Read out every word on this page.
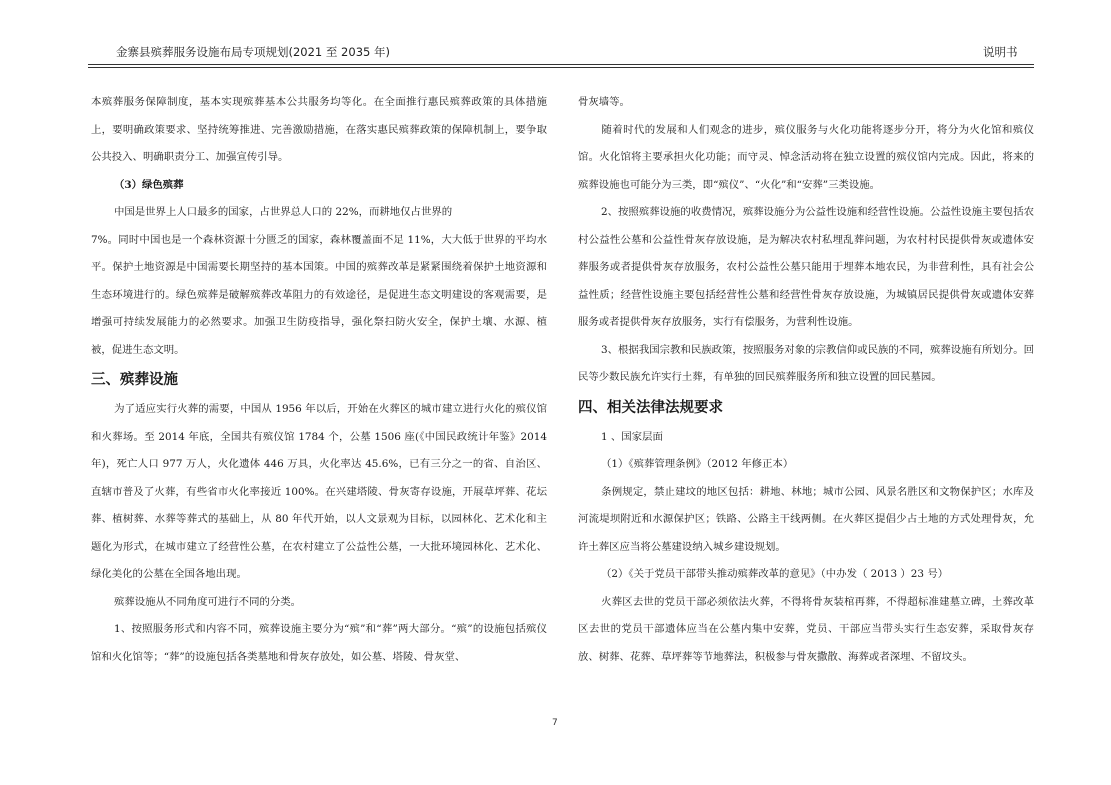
金寨县殡葬服务设施布局专项规划(2021 至 2035 年)	说明书

本殡葬服务保障制度，基本实现殡葬基本公共服务均等化。在全面推行惠民殡葬政策的具体措施上，要明确政策要求、坚持统筹推进、完善激励措施，在落实惠民殡葬政策的保障机制上，要争取公共投入、明确职责分工、加强宣传引导。

（3）绿色殡葬

中国是世界上人口最多的国家，占世界总人口的 22%，而耕地仅占世界的

7%。同时中国也是一个森林资源十分匮乏的国家，森林覆盖面不足 11%，大大低于世界的平均水平。保护土地资源是中国需要长期坚持的基本国策。中国的殡葬改革是紧紧围绕着保护土地资源和生态环境进行的。绿色殡葬是破解殡葬改革阻力的有效途径，是促进生态文明建设的客观需要，是增强可持续发展能力的必然要求。加强卫生防疫指导，强化祭扫防火安全，保护土壤、水源、植被，促进生态文明。

三、殡葬设施

为了适应实行火葬的需要，中国从 1956 年以后，开始在火葬区的城市建立进行火化的殡仪馆和火葬场。至 2014 年底，全国共有殡仪馆 1784 个，公墓 1506 座(《中国民政统计年鉴》2014 年)，死亡人口 977 万人，火化遗体 446 万具，火化率达 45.6%，已有三分之一的省、自治区、直辖市普及了火葬，有些省市火化率接近 100%。在兴建塔陵、骨灰寄存设施，开展草坪葬、花坛葬、植树葬、水葬等葬式的基础上，从 80 年代开始，以人文景观为目标，以园林化、艺术化和主题化为形式，在城市建立了经营性公墓，在农村建立了公益性公墓，一大批环境园林化、艺术化、绿化美化的公墓在全国各地出现。

殡葬设施从不同角度可进行不同的分类。

1、按照服务形式和内容不同，殡葬设施主要分为“殡”和“葬”两大部分。“殡”的设施包括殡仪馆和火化馆等；“葬”的设施包括各类墓地和骨灰存放处，如公墓、塔陵、骨灰堂、

骨灰墙等。

随着时代的发展和人们观念的进步，殡仪服务与火化功能将逐步分开，将分为火化馆和殡仪馆。火化馆将主要承担火化功能；而守灵、悼念活动将在独立设置的殡仪馆内完成。因此，将来的殡葬设施也可能分为三类，即“殡仪”、“火化”和“安葬”三类设施。

2、按照殡葬设施的收费情况，殡葬设施分为公益性设施和经营性设施。公益性设施主要包括农村公益性公墓和公益性骨灰存放设施，是为解决农村私埋乱葬问题，为农村村民提供骨灰或遗体安葬服务或者提供骨灰存放服务，农村公益性公墓只能用于埋葬本地农民，为非营利性，具有社会公益性质；经营性设施主要包括经营性公墓和经营性骨灰存放设施，为城镇居民提供骨灰或遗体安葬服务或者提供骨灰存放服务，实行有偿服务，为营利性设施。

3、根据我国宗教和民族政策，按照服务对象的宗教信仰或民族的不同，殡葬设施有所划分。回民等少数民族允许实行土葬，有单独的回民殡葬服务所和独立设置的回民墓园。

四、相关法律法规要求

1 、国家层面

（1）《殡葬管理条例》（2012 年修正本）

条例规定，禁止建坟的地区包括：耕地、林地；城市公园、风景名胜区和文物保护区；水库及河流堤坝附近和水源保护区；铁路、公路主干线两侧。在火葬区提倡少占土地的方式处理骨灰，允许土葬区应当将公墓建设纳入城乡建设规划。

（2）《关于党员干部带头推动殡葬改革的意见》（中办发（ 2013 ）23 号）

火葬区去世的党员干部必须依法火葬，不得将骨灰装棺再葬，不得超标准建墓立碑，土葬改革区去世的党员干部遗体应当在公墓内集中安葬，党员、干部应当带头实行生态安葬，采取骨灰存放、树葬、花葬、草坪葬等节地葬法，积极参与骨灰撒散、海葬或者深埋、不留坟头。

7
